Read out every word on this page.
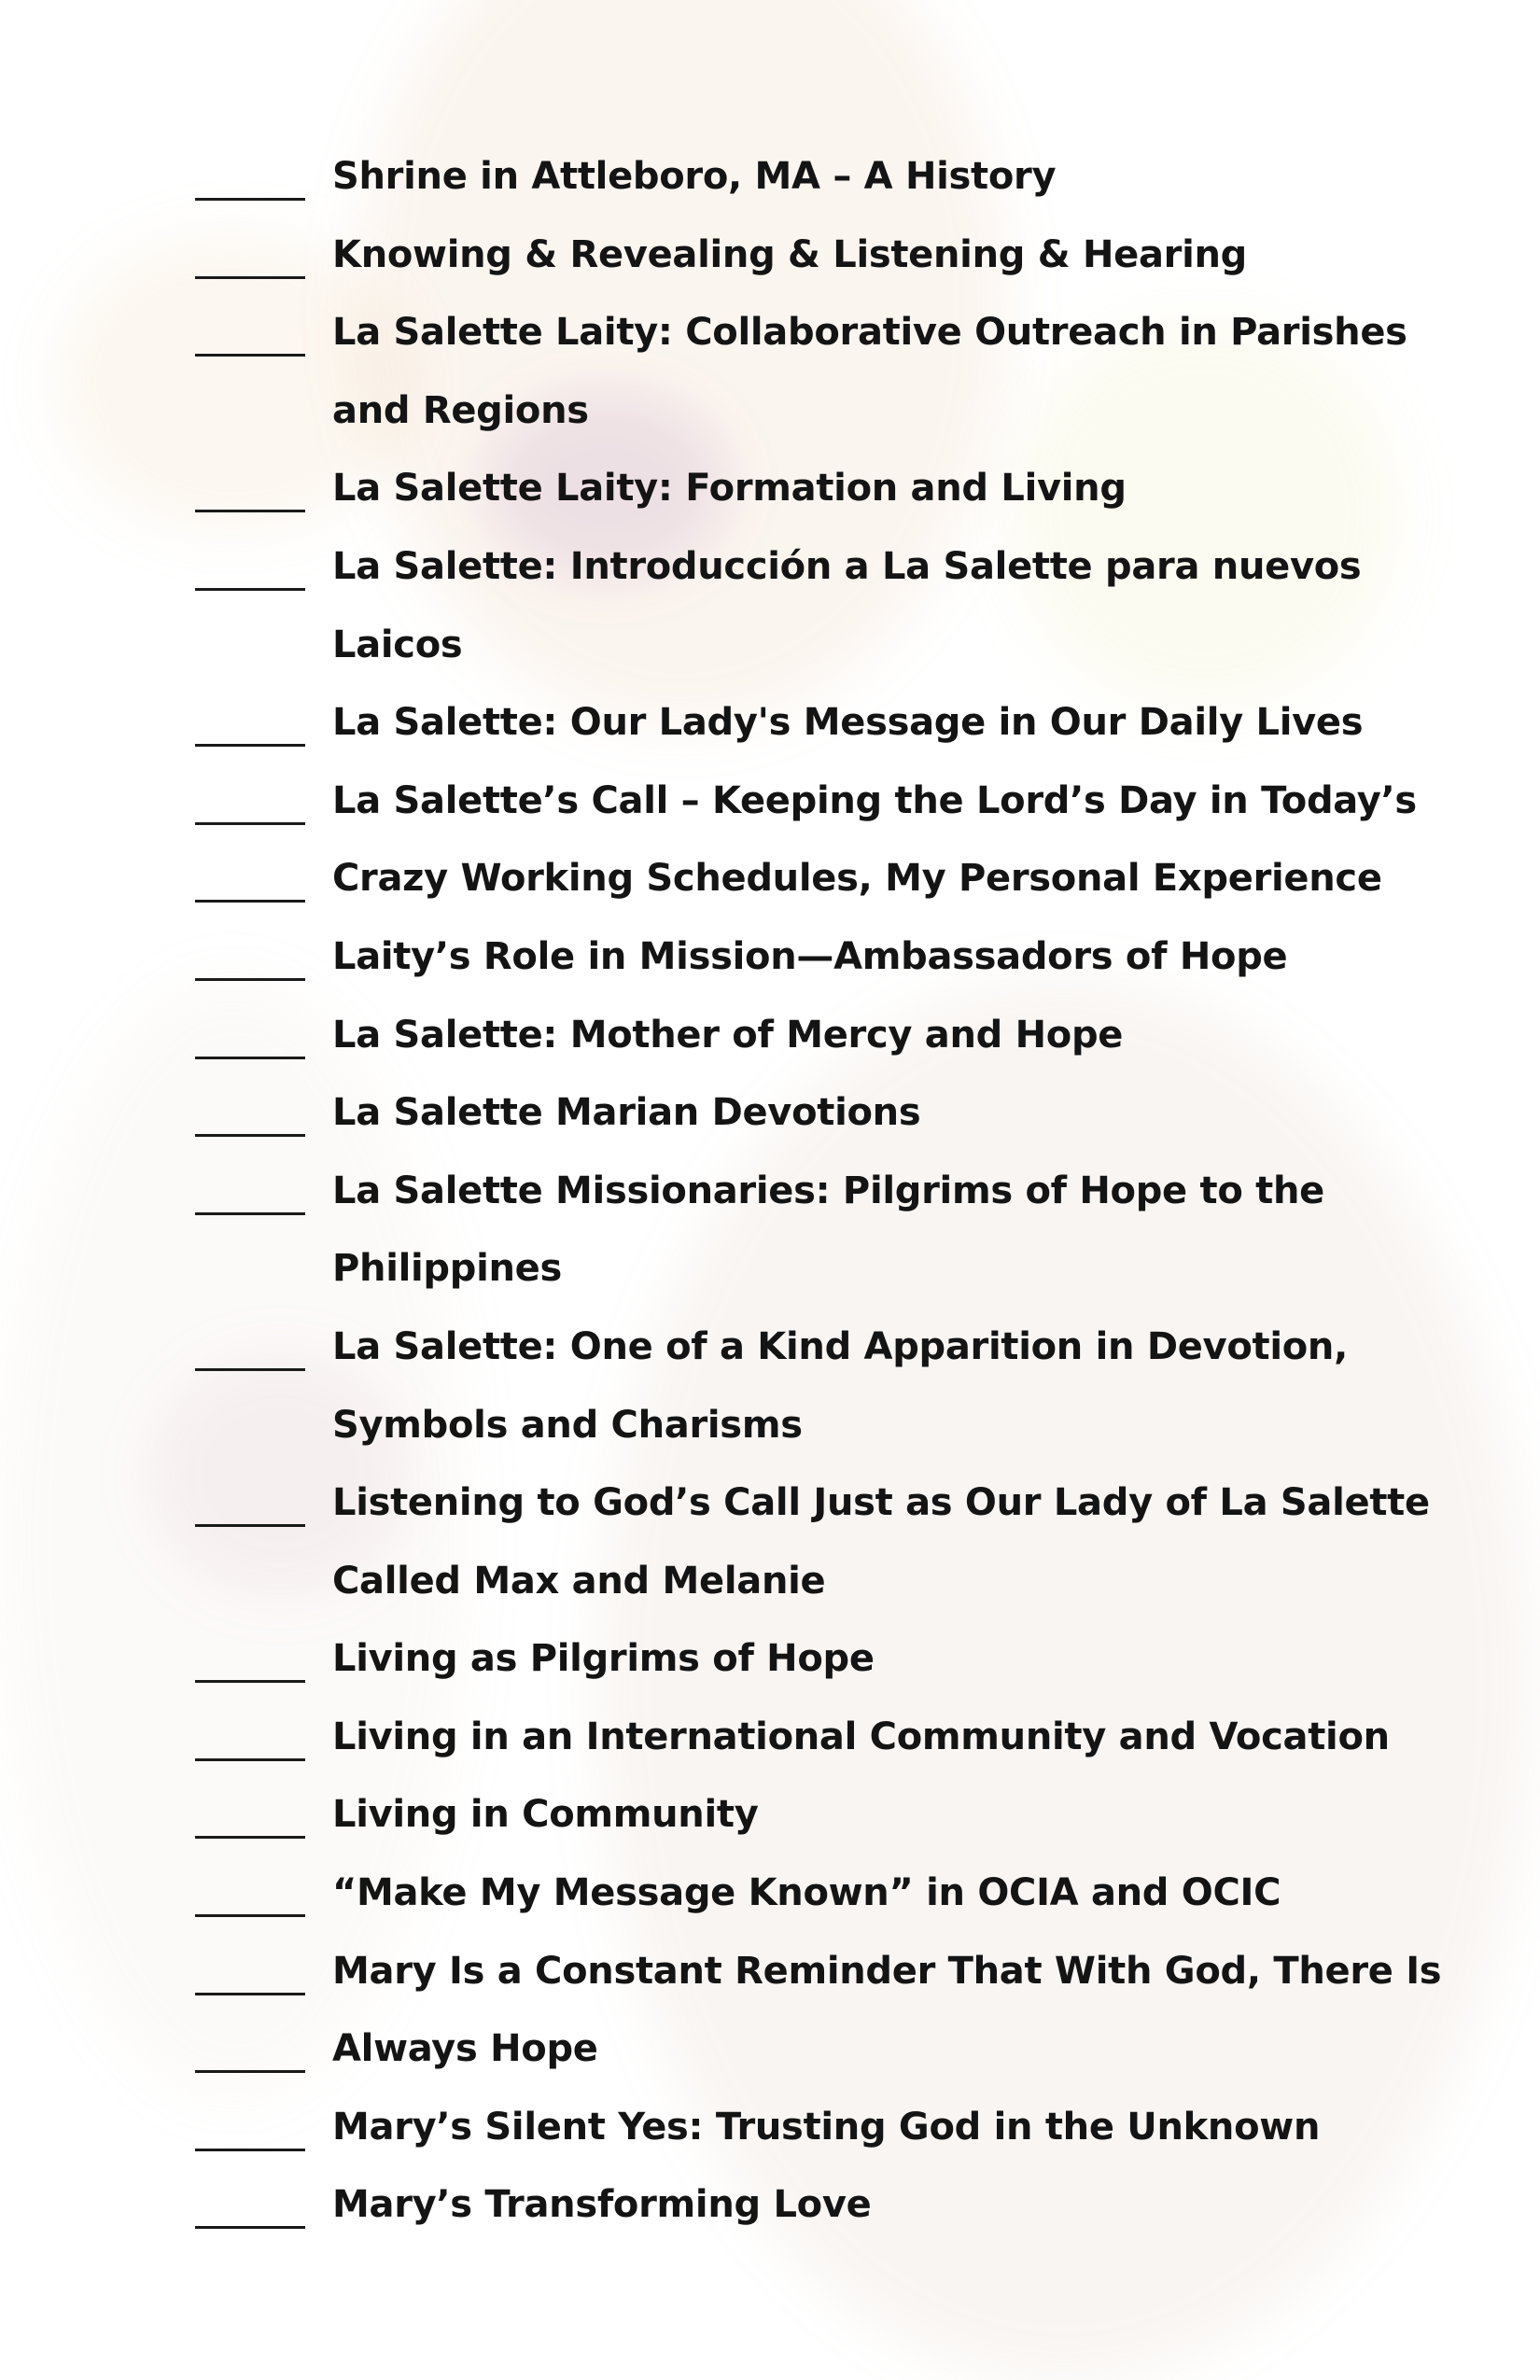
Shrine in Attleboro, MA – A History
Knowing & Revealing & Listening & Hearing
La Salette Laity: Collaborative Outreach in Parishes
and Regions
La Salette Laity: Formation and Living
La Salette: Introducción a La Salette para nuevos
Laicos
La Salette: Our Lady's Message in Our Daily Lives
La Salette’s Call – Keeping the Lord’s Day in Today’s
Crazy Working Schedules, My Personal Experience
Laity’s Role in Mission—Ambassadors of Hope
La Salette: Mother of Mercy and Hope
La Salette Marian Devotions
La Salette Missionaries: Pilgrims of Hope to the
Philippines
La Salette: One of a Kind Apparition in Devotion,
Symbols and Charisms
Listening to God’s Call Just as Our Lady of La Salette
Called Max and Melanie
Living as Pilgrims of Hope
Living in an International Community and Vocation
Living in Community
“Make My Message Known” in OCIA and OCIC
Mary Is a Constant Reminder That With God, There Is
Always Hope
Mary’s Silent Yes: Trusting God in the Unknown
Mary’s Transforming Love
